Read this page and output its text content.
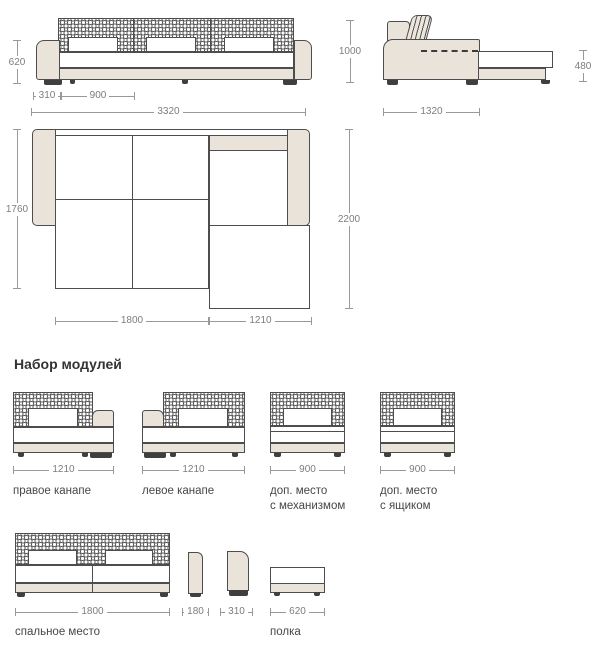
620
310	900
3320
1000
480
1320
1760
2200
1800	1210
Набор модулей
1210
правое канапе
1210
левое канапе
900
доп. место
с механизмом
900
доп. место
с ящиком
1800
спальное место
180	310	620
полка
